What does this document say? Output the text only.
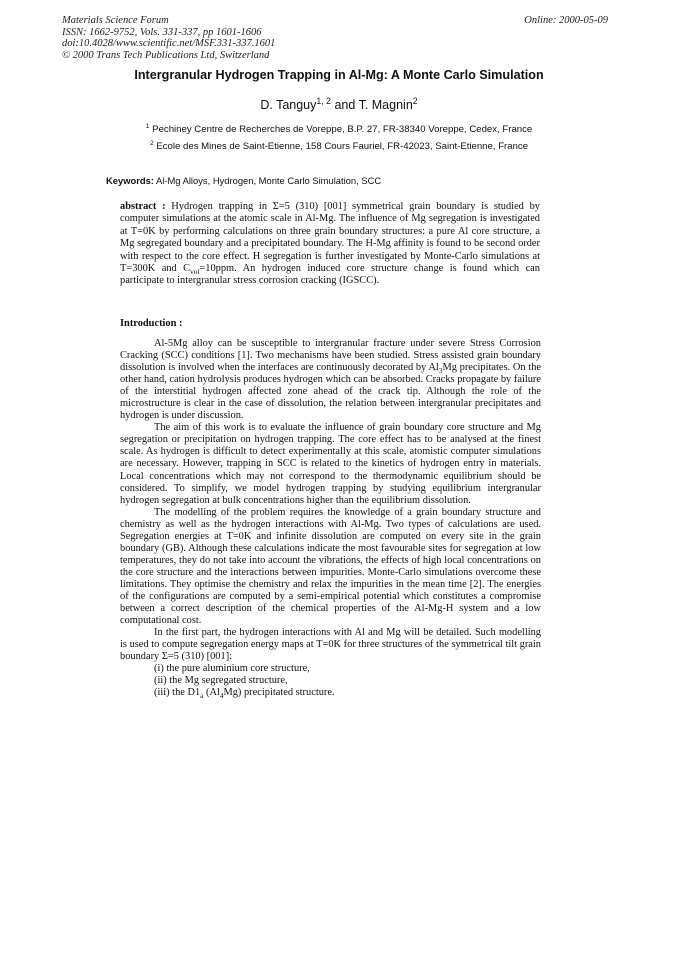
Materials Science Forum
ISSN: 1662-9752, Vols. 331-337, pp 1601-1606
doi:10.4028/www.scientific.net/MSF.331-337.1601
© 2000 Trans Tech Publications Ltd, Switzerland
Online: 2000-05-09
Intergranular Hydrogen Trapping in Al-Mg: A Monte Carlo Simulation
D. Tanguy$^{1, 2}$ and T. Magnin$^2$
$^1$ Pechiney Centre de Recherches de Voreppe, B.P. 27, FR-38340 Voreppe, Cedex, France
$^2$ Ecole des Mines de Saint-Etienne, 158 Cours Fauriel, FR-42023, Saint-Etienne, France
Keywords: Al-Mg Alloys, Hydrogen, Monte Carlo Simulation, SCC
abstract : Hydrogen trapping in Σ=5 (310) [001] symmetrical grain boundary is studied by computer simulations at the atomic scale in Al-Mg. The influence of Mg segregation is investigated at T=0K by performing calculations on three grain boundary structures: a pure Al core structure, a Mg segregated boundary and a precipitated boundary. The H-Mg affinity is found to be second order with respect to the core effect. H segregation is further investigated by Monte-Carlo simulations at T=300K and $C_{vol}=10ppm$. An hydrogen induced core structure change is found which can participate to intergranular stress corrosion cracking (IGSCC).
Introduction :

Al-5Mg alloy can be susceptible to intergranular fracture under severe Stress Corrosion Cracking (SCC) conditions [1]. Two mechanisms have been studied. Stress assisted grain boundary dissolution is involved when the interfaces are continuously decorated by $Al_3Mg$ precipitates. On the other hand, cation hydrolysis produces hydrogen which can be absorbed. Cracks propagate by failure of the interstitial hydrogen affected zone ahead of the crack tip. Although the role of the microstructure is clear in the case of dissolution, the relation between intergranular precipitates and hydrogen is under discussion.

The aim of this work is to evaluate the influence of grain boundary core structure and Mg segregation or precipitation on hydrogen trapping. The core effect has to be analysed at the finest scale. As hydrogen is difficult to detect experimentally at this scale, atomistic computer simulations are necessary. However, trapping in SCC is related to the kinetics of hydrogen entry in materials. Local concentrations which may not correspond to the thermodynamic equilibrium should be considered. To simplify, we model hydrogen trapping by studying equilibrium intergranular hydrogen segregation at bulk concentrations higher than the equilibrium dissolution.

The modelling of the problem requires the knowledge of a grain boundary structure and chemistry as well as the hydrogen interactions with Al-Mg. Two types of calculations are used. Segregation energies at T=0K and infinite dissolution are computed on every site in the grain boundary (GB). Although these calculations indicate the most favourable sites for segregation at low temperatures, they do not take into account the vibrations, the effects of high local concentrations on the core structure and the interactions between impurities. Monte-Carlo simulations overcome these limitations. They optimise the chemistry and relax the impurities in the mean time [2]. The energies of the configurations are computed by a semi-empirical potential which constitutes a compromise between a correct description of the chemical properties of the Al-Mg-H system and a low computational cost.

In the first part, the hydrogen interactions with Al and Mg will be detailed. Such modelling is used to compute segregation energy maps at T=0K for three structures of the symmetrical tilt grain boundary Σ=5 (310) [001]:

(i) the pure aluminium core structure,
(ii) the Mg segregated structure,
(iii) the $D1_a$ $(Al_4Mg)$ precipitated structure.
